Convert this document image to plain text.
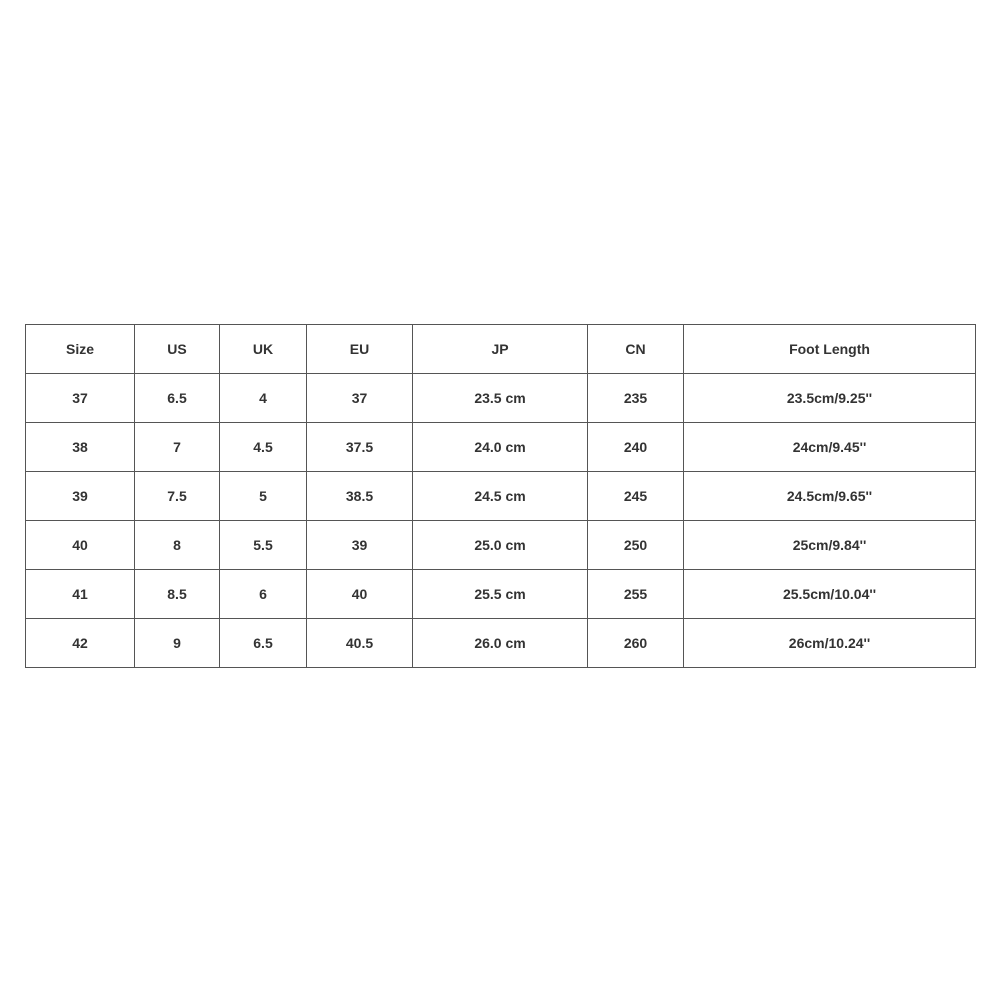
Size	US	UK	EU	JP	CN	Foot Length
37	6.5	4	37	23.5 cm	235	23.5cm/9.25''
38	7	4.5	37.5	24.0 cm	240	24cm/9.45''
39	7.5	5	38.5	24.5 cm	245	24.5cm/9.65''
40	8	5.5	39	25.0 cm	250	25cm/9.84''
41	8.5	6	40	25.5 cm	255	25.5cm/10.04''
42	9	6.5	40.5	26.0 cm	260	26cm/10.24''
